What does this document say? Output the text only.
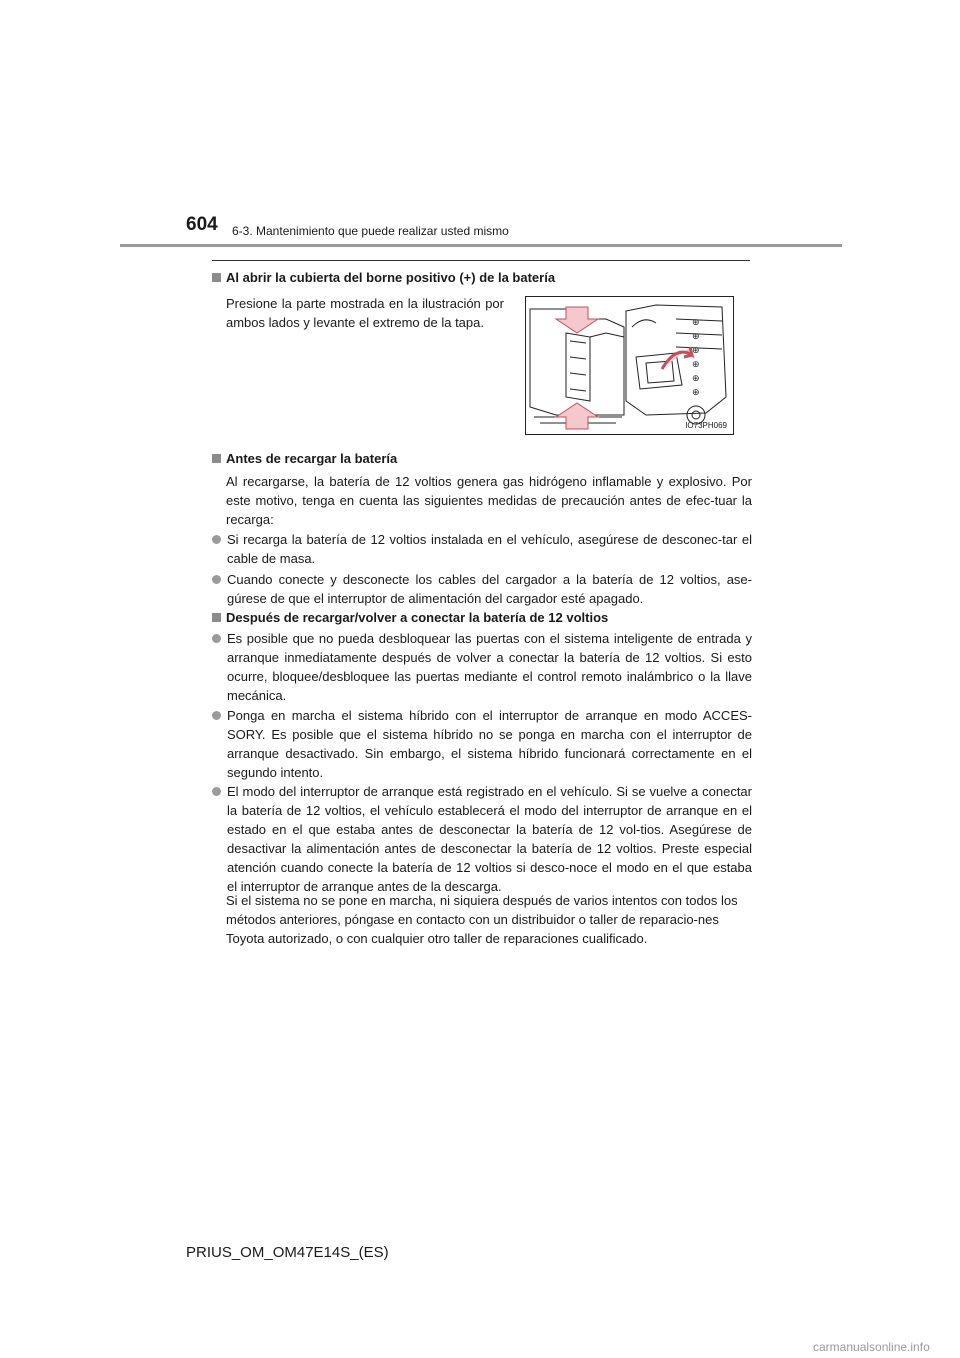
604 6-3. Mantenimiento que puede realizar usted mismo
Al abrir la cubierta del borne positivo (+) de la batería
Presione la parte mostrada en la ilustración por ambos lados y levante el extremo de la tapa.	⊕
⊕
⊕
⊕
⊕
⊕
IO73PH069
Antes de recargar la batería
Al recargarse, la batería de 12 voltios genera gas hidrógeno inflamable y explosivo. Por este motivo, tenga en cuenta las siguientes medidas de precaución antes de efec-tuar la recarga:
Si recarga la batería de 12 voltios instalada en el vehículo, asegúrese de desconec-tar el cable de masa.
Cuando conecte y desconecte los cables del cargador a la batería de 12 voltios, ase-gúrese de que el interruptor de alimentación del cargador esté apagado.
Después de recargar/volver a conectar la batería de 12 voltios
Es posible que no pueda desbloquear las puertas con el sistema inteligente de entrada y arranque inmediatamente después de volver a conectar la batería de 12 voltios. Si esto ocurre, bloquee/desbloquee las puertas mediante el control remoto inalámbrico o la llave mecánica.
Ponga en marcha el sistema híbrido con el interruptor de arranque en modo ACCES-SORY. Es posible que el sistema híbrido no se ponga en marcha con el interruptor de arranque desactivado. Sin embargo, el sistema híbrido funcionará correctamente en el segundo intento.
El modo del interruptor de arranque está registrado en el vehículo. Si se vuelve a conectar la batería de 12 voltios, el vehículo establecerá el modo del interruptor de arranque en el estado en el que estaba antes de desconectar la batería de 12 vol-tios. Asegúrese de desactivar la alimentación antes de desconectar la batería de 12 voltios. Preste especial atención cuando conecte la batería de 12 voltios si desco-noce el modo en el que estaba el interruptor de arranque antes de la descarga.
Si el sistema no se pone en marcha, ni siquiera después de varios intentos con todos los métodos anteriores, póngase en contacto con un distribuidor o taller de reparacio-nes Toyota autorizado, o con cualquier otro taller de reparaciones cualificado.
PRIUS_OM_OM47E14S_(ES)
carmanualsonline.info
